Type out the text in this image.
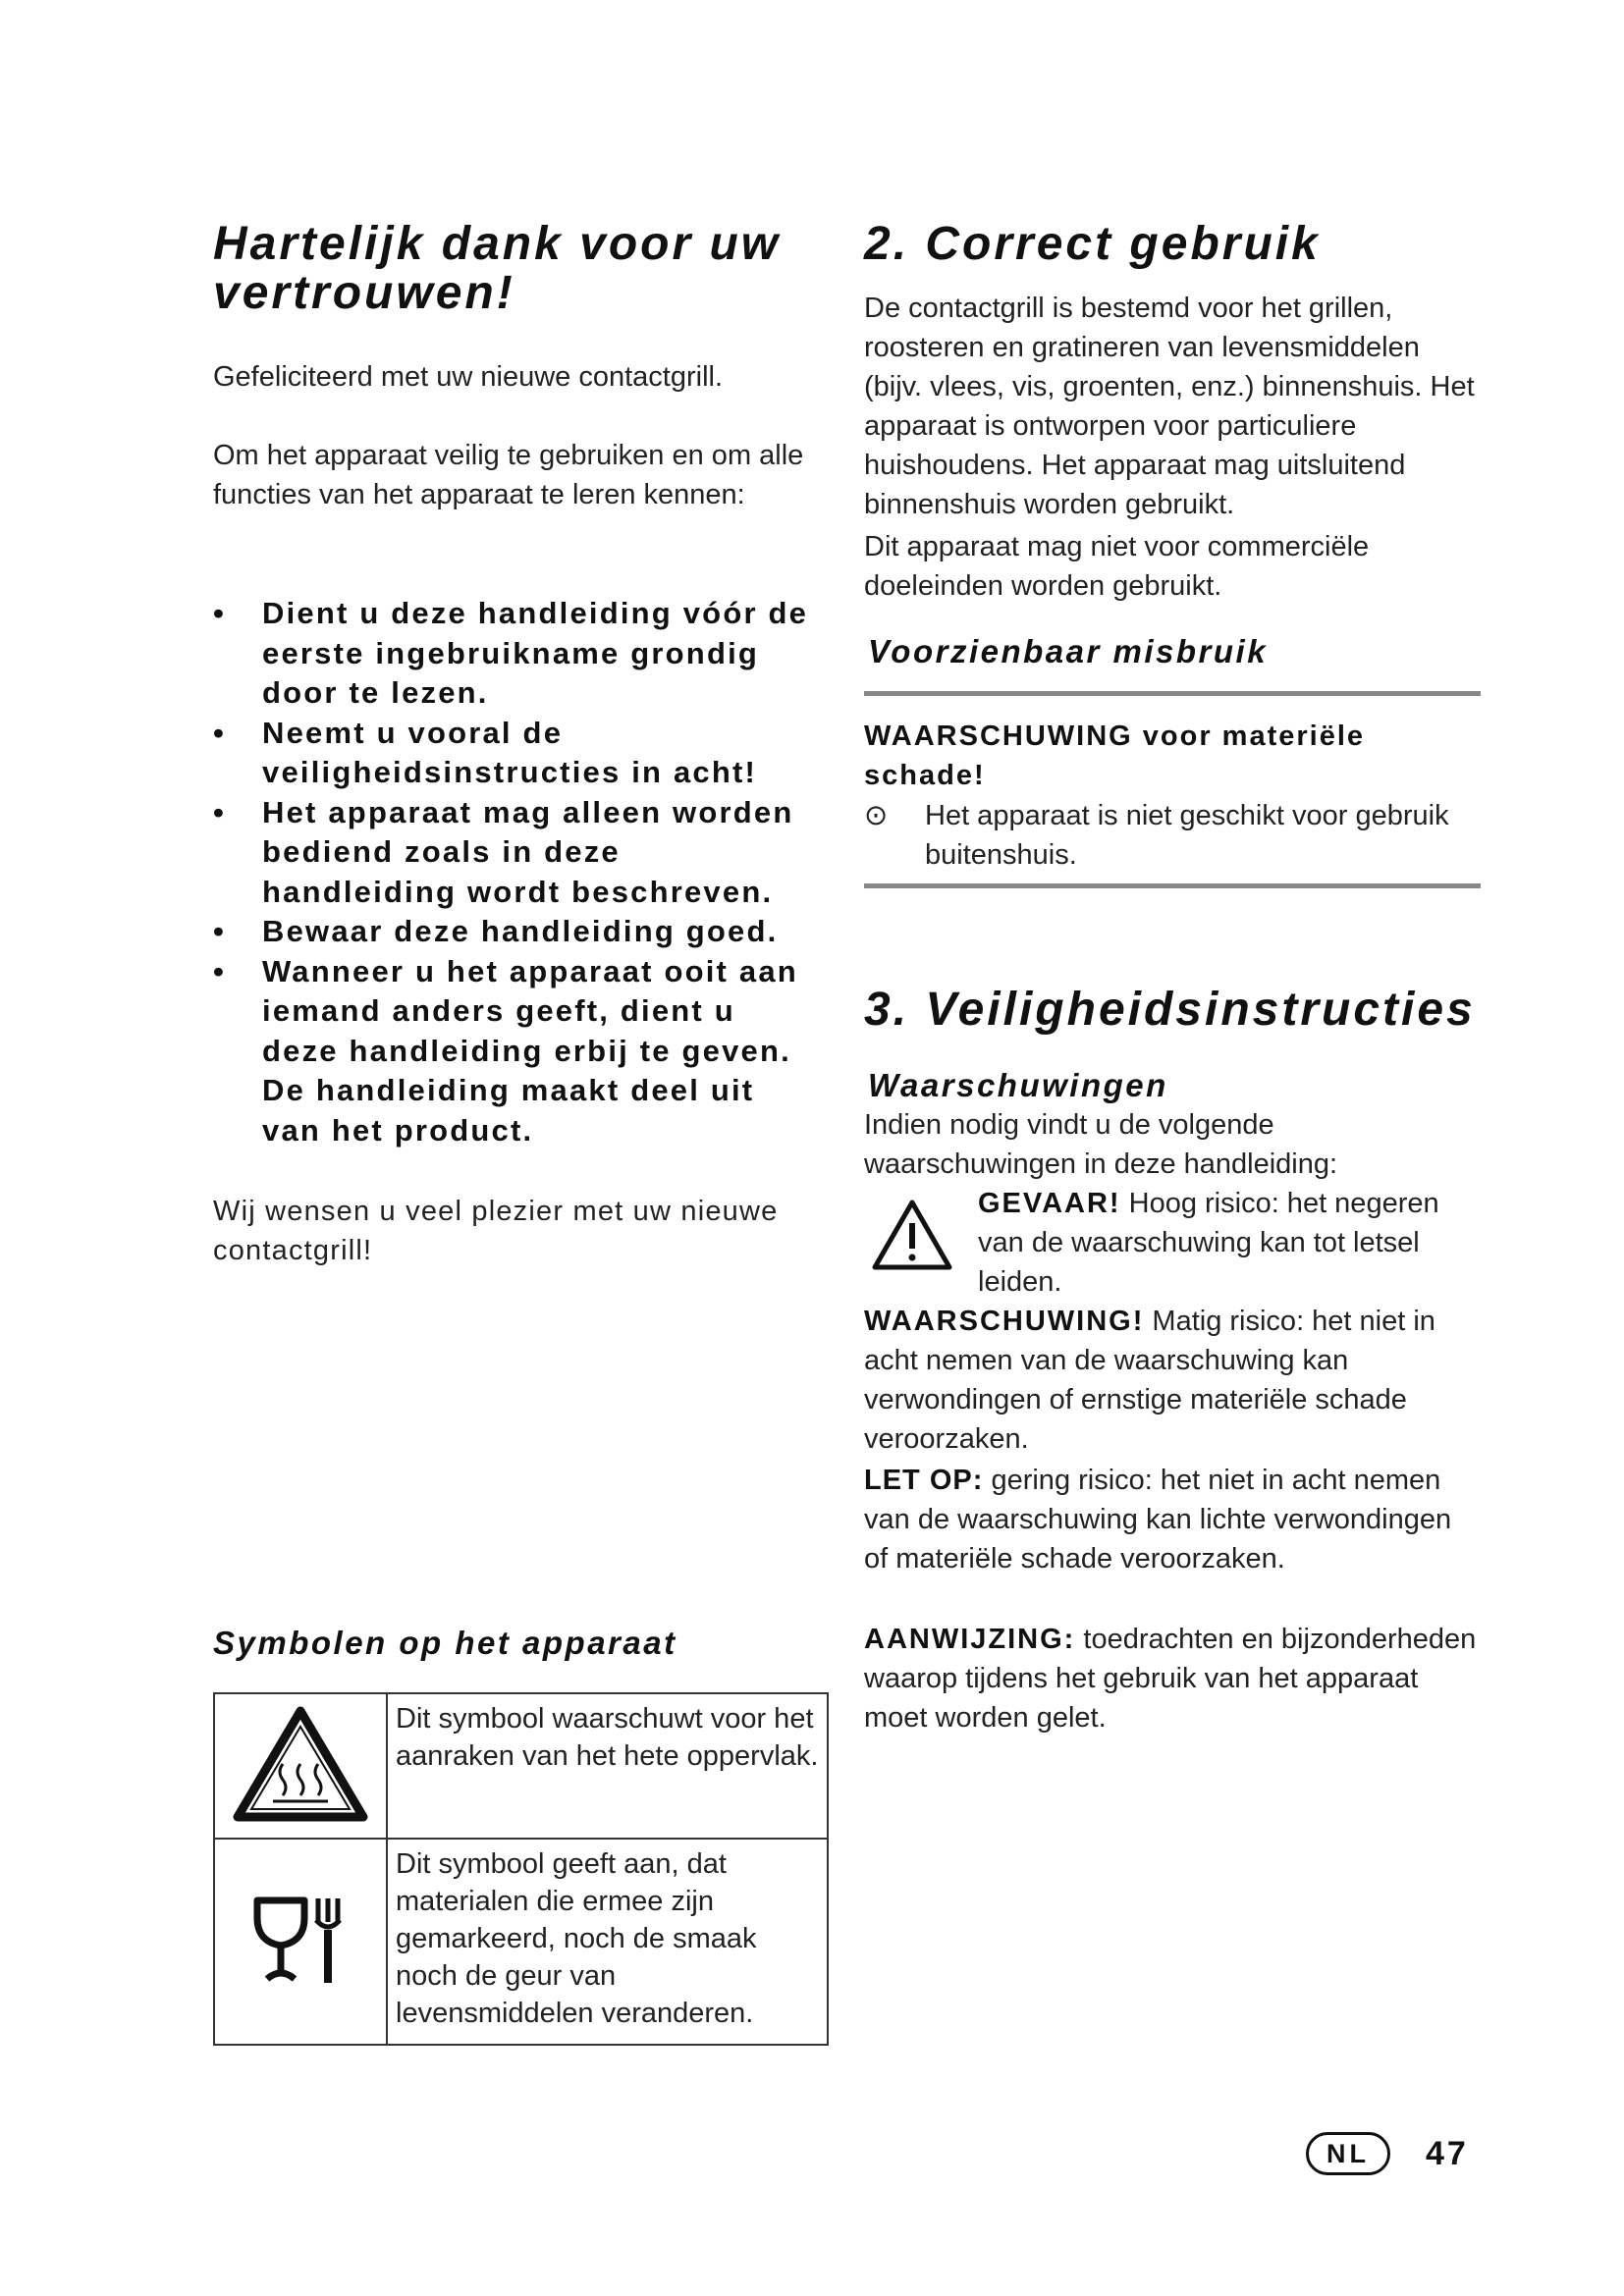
Hartelijk dank voor uw
vertrouwen!

Gefeliciteerd met uw nieuwe contactgrill.

Om het apparaat veilig te gebruiken en om alle functies van het apparaat te leren kennen:

•	Dient u deze handleiding vóór de eerste ingebruikname grondig door te lezen.
•	Neemt u vooral de veiligheidsinstructies in acht!
•	Het apparaat mag alleen worden bediend zoals in deze handleiding wordt beschreven.
•	Bewaar deze handleiding goed.
•	Wanneer u het apparaat ooit aan iemand anders geeft, dient u deze handleiding erbij te geven. De handleiding maakt deel uit van het product.

Wij wensen u veel plezier met uw nieuwe contactgrill!

Symbolen op het apparaat
	Dit symbool waarschuwt voor het aanraken van het hete oppervlak.
	Dit symbool geeft aan, dat materialen die ermee zijn gemarkeerd, noch de smaak noch de geur van levensmiddelen veranderen.
2. Correct gebruik

De contactgrill is bestemd voor het grillen, roosteren en gratineren van levensmiddelen (bijv. vlees, vis, groenten, enz.) binnenshuis. Het apparaat is ontworpen voor particuliere huishoudens. Het apparaat mag uitsluitend binnenshuis worden gebruikt.

Dit apparaat mag niet voor commerciële doeleinden worden gebruikt.

Voorzienbaar misbruik

WAARSCHUWING voor materiële schade!

⊙ Het apparaat is niet geschikt voor gebruik buitenshuis.
3. Veiligheidsinstructies
Waarschuwingen

Indien nodig vindt u de volgende waarschuwingen in deze handleiding:

GEVAAR! Hoog risico: het negeren van de waarschuwing kan tot letsel leiden.

WAARSCHUWING! Matig risico: het niet in acht nemen van de waarschuwing kan verwondingen of ernstige materiële schade veroorzaken.

LET OP: gering risico: het niet in acht nemen van de waarschuwing kan lichte verwondingen of materiële schade veroorzaken.

AANWIJZING: toedrachten en bijzonderheden waarop tijdens het gebruik van het apparaat moet worden gelet.

NL	47
